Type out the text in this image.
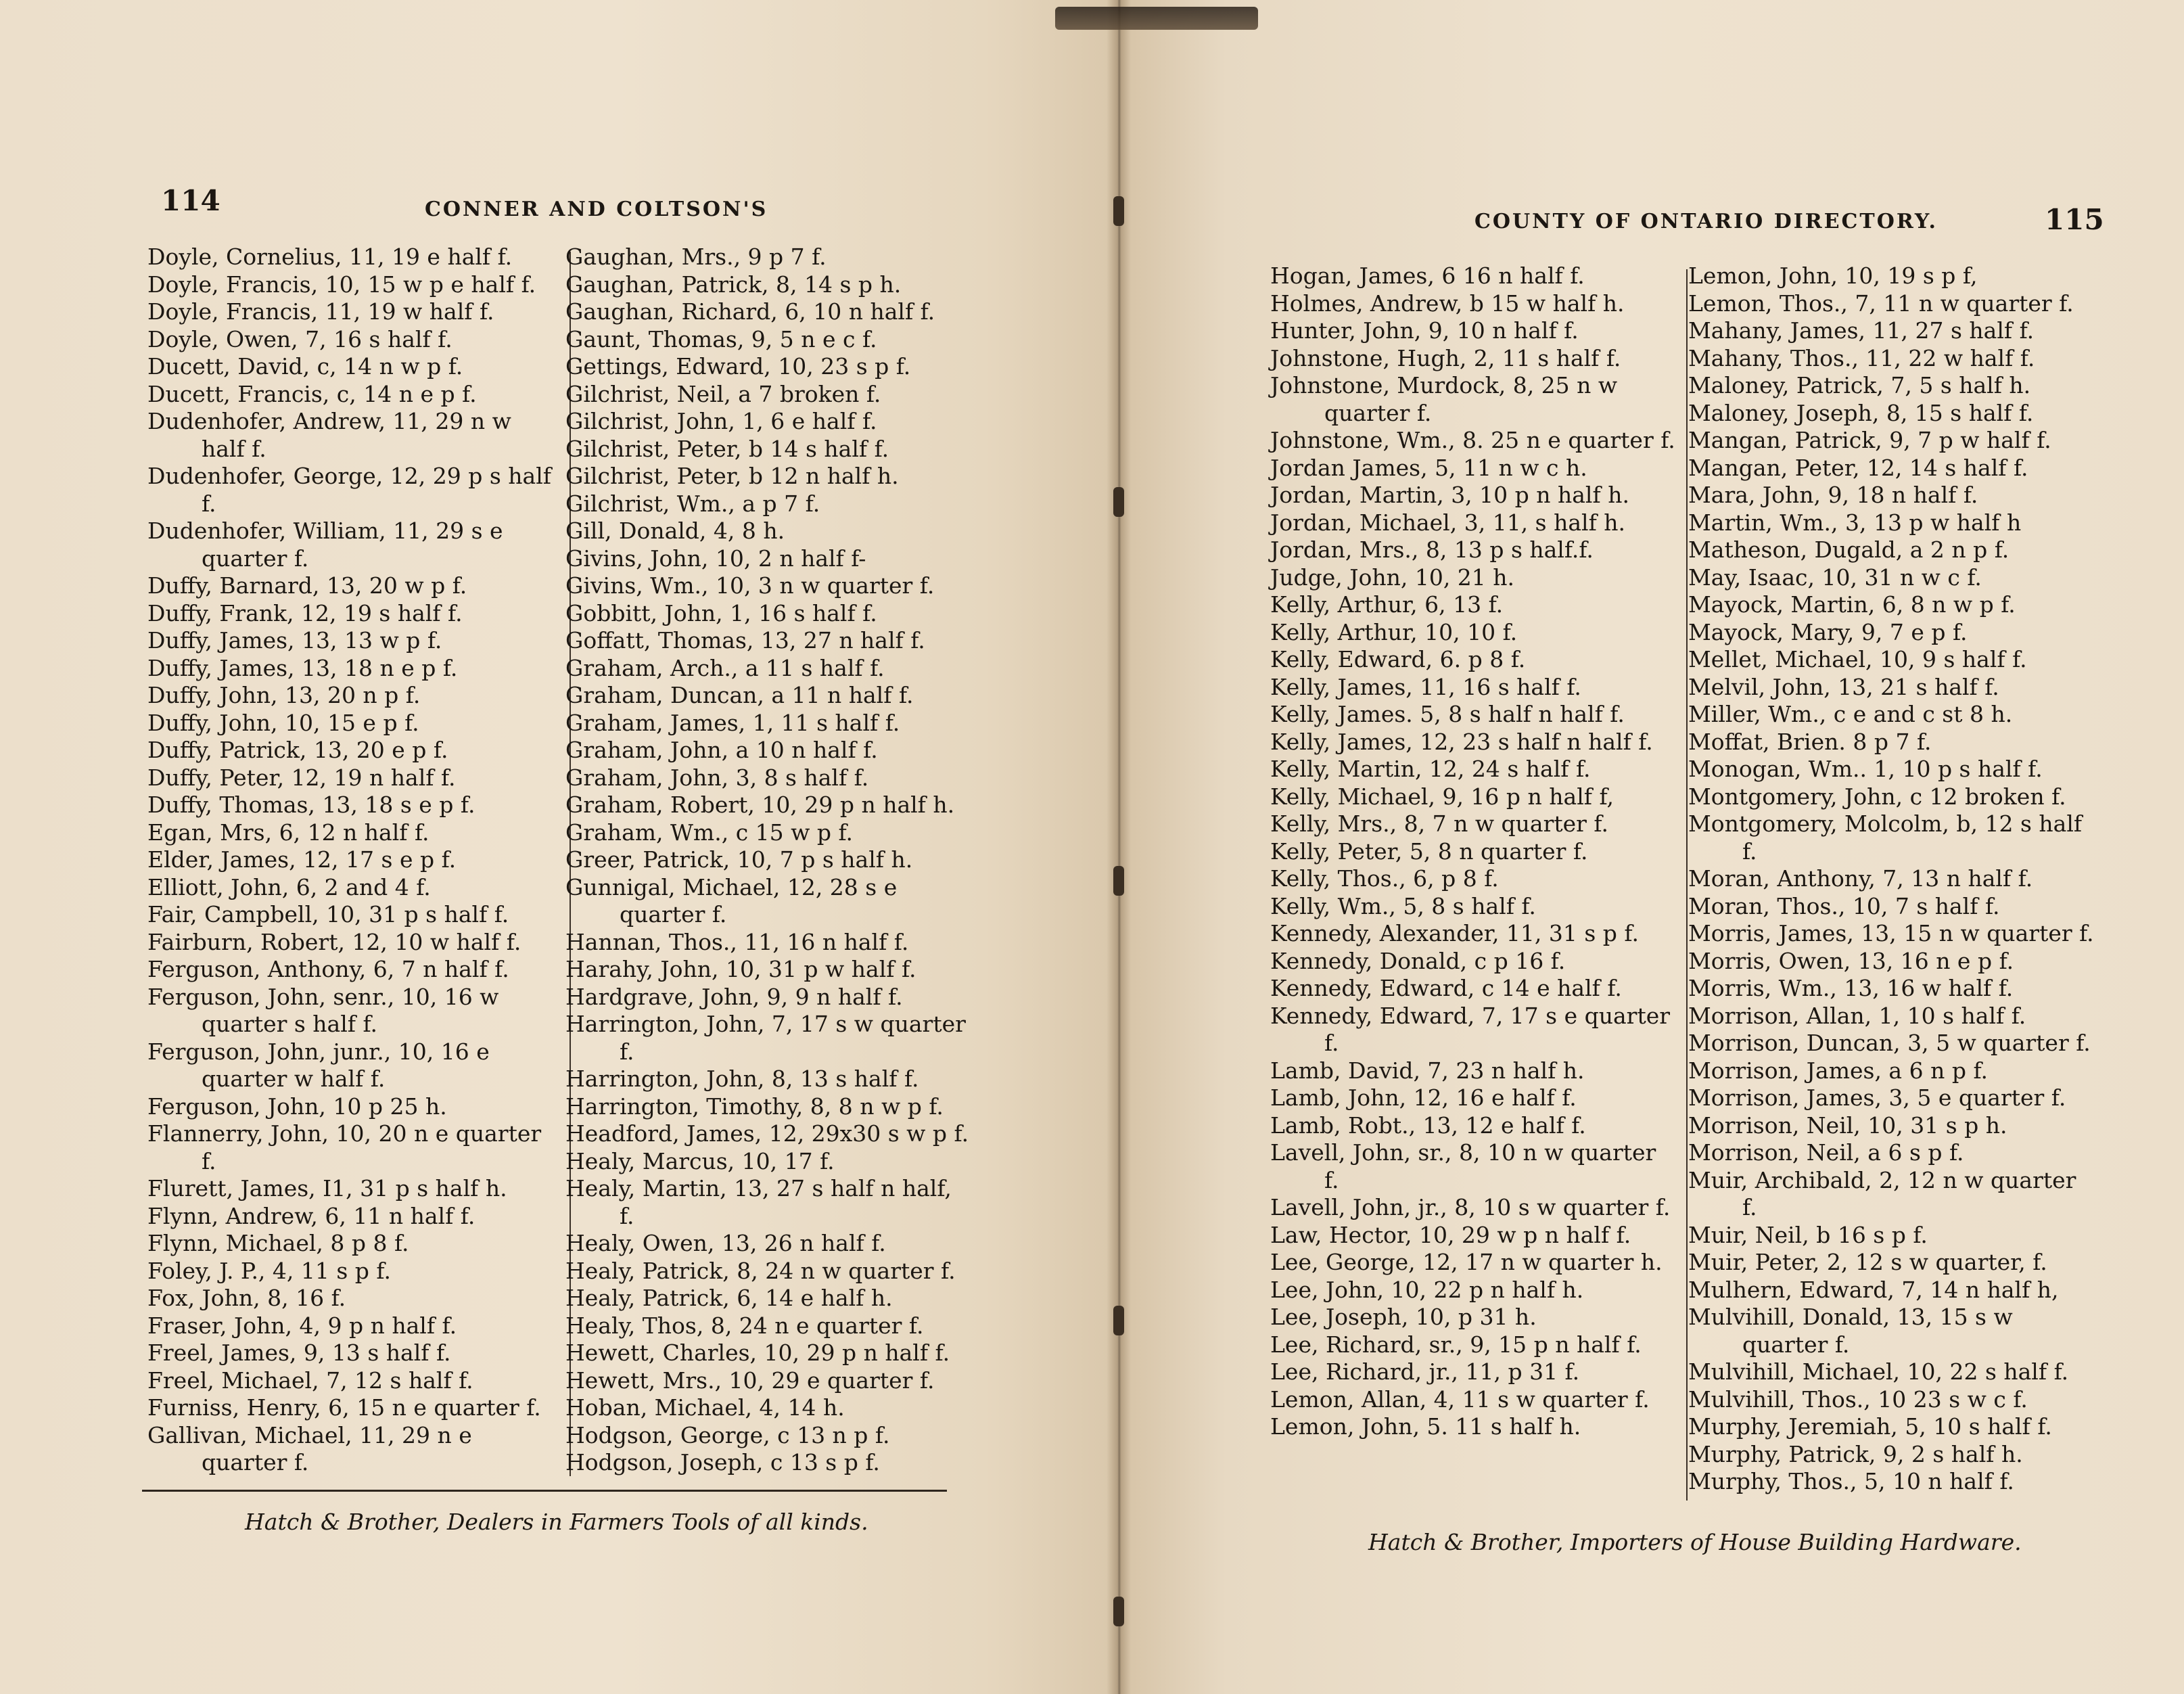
114	CONNER AND COLTSON'S
Doyle, Cornelius, 11, 19 e half f.
Doyle, Francis, 10, 15 w p e half f.
Doyle, Francis, 11, 19 w half f.
Doyle, Owen, 7, 16 s half f.
Ducett, David, c, 14 n w p f.
Ducett, Francis, c, 14 n e p f.
Dudenhofer, Andrew, 11, 29 n w half f.
Dudenhofer, George, 12, 29 p s half f.
Dudenhofer, William, 11, 29 s e quarter f.
Duffy, Barnard, 13, 20 w p f.
Duffy, Frank, 12, 19 s half f.
Duffy, James, 13, 13 w p f.
Duffy, James, 13, 18 n e p f.
Duffy, John, 13, 20 n p f.
Duffy, John, 10, 15 e p f.
Duffy, Patrick, 13, 20 e p f.
Duffy, Peter, 12, 19 n half f.
Duffy, Thomas, 13, 18 s e p f.
Egan, Mrs, 6, 12 n half f.
Elder, James, 12, 17 s e p f.
Elliott, John, 6, 2 and 4 f.
Fair, Campbell, 10, 31 p s half f.
Fairburn, Robert, 12, 10 w half f.
Ferguson, Anthony, 6, 7 n half f.
Ferguson, John, senr., 10, 16 w quarter s half f.
Ferguson, John, junr., 10, 16 e quarter w half f.
Ferguson, John, 10 p 25 h.
Flannerry, John, 10, 20 n e quarter f.
Flurett, James, I1, 31 p s half h.
Flynn, Andrew, 6, 11 n half f.
Flynn, Michael, 8 p 8 f.
Foley, J. P., 4, 11 s p f.
Fox, John, 8, 16 f.
Fraser, John, 4, 9 p n half f.
Freel, James, 9, 13 s half f.
Freel, Michael, 7, 12 s half f.
Furniss, Henry, 6, 15 n e quarter f.
Gallivan, Michael, 11, 29 n e quarter f.
Gaughan, Mrs., 9 p 7 f.
Gaughan, Patrick, 8, 14 s p h.
Gaughan, Richard, 6, 10 n half f.
Gaunt, Thomas, 9, 5 n e c f.
Gettings, Edward, 10, 23 s p f.
Gilchrist, Neil, a 7 broken f.
Gilchrist, John, 1, 6 e half f.
Gilchrist, Peter, b 14 s half f.
Gilchrist, Peter, b 12 n half h.
Gilchrist, Wm., a p 7 f.
Gill, Donald, 4, 8 h.
Givins, John, 10, 2 n half f-
Givins, Wm., 10, 3 n w quarter f.
Gobbitt, John, 1, 16 s half f.
Goffatt, Thomas, 13, 27 n half f.
Graham, Arch., a 11 s half f.
Graham, Duncan, a 11 n half f.
Graham, James, 1, 11 s half f.
Graham, John, a 10 n half f.
Graham, John, 3, 8 s half f.
Graham, Robert, 10, 29 p n half h.
Graham, Wm., c 15 w p f.
Greer, Patrick, 10, 7 p s half h.
Gunnigal, Michael, 12, 28 s e quarter f.
Hannan, Thos., 11, 16 n half f.
Harahy, John, 10, 31 p w half f.
Hardgrave, John, 9, 9 n half f.
Harrington, John, 7, 17 s w quarter f.
Harrington, John, 8, 13 s half f.
Harrington, Timothy, 8, 8 n w p f.
Headford, James, 12, 29x30 s w p f.
Healy, Marcus, 10, 17 f.
Healy, Martin, 13, 27 s half n half, f.
Healy, Owen, 13, 26 n half f.
Healy, Patrick, 8, 24 n w quarter f.
Healy, Patrick, 6, 14 e half h.
Healy, Thos, 8, 24 n e quarter f.
Hewett, Charles, 10, 29 p n half f.
Hewett, Mrs., 10, 29 e quarter f.
Hoban, Michael, 4, 14 h.
Hodgson, George, c 13 n p f.
Hodgson, Joseph, c 13 s p f.
Hatch & Brother, Dealers in Farmers Tools of all kinds.
COUNTY OF ONTARIO DIRECTORY.	115
Hogan, James, 6 16 n half f.
Holmes, Andrew, b 15 w half h.
Hunter, John, 9, 10 n half f.
Johnstone, Hugh, 2, 11 s half f.
Johnstone, Murdock, 8, 25 n w quarter f.
Johnstone, Wm., 8. 25 n e quarter f.
Jordan James, 5, 11 n w c h.
Jordan, Martin, 3, 10 p n half h.
Jordan, Michael, 3, 11, s half h.
Jordan, Mrs., 8, 13 p s half.f.
Judge, John, 10, 21 h.
Kelly, Arthur, 6, 13 f.
Kelly, Arthur, 10, 10 f.
Kelly, Edward, 6. p 8 f.
Kelly, James, 11, 16 s half f.
Kelly, James. 5, 8 s half n half f.
Kelly, James, 12, 23 s half n half f.
Kelly, Martin, 12, 24 s half f.
Kelly, Michael, 9, 16 p n half f,
Kelly, Mrs., 8, 7 n w quarter f.
Kelly, Peter, 5, 8 n quarter f.
Kelly, Thos., 6, p 8 f.
Kelly, Wm., 5, 8 s half f.
Kennedy, Alexander, 11, 31 s p f.
Kennedy, Donald, c p 16 f.
Kennedy, Edward, c 14 e half f.
Kennedy, Edward, 7, 17 s e quarter f.
Lamb, David, 7, 23 n half h.
Lamb, John, 12, 16 e half f.
Lamb, Robt., 13, 12 e half f.
Lavell, John, sr., 8, 10 n w quarter f.
Lavell, John, jr., 8, 10 s w quarter f.
Law, Hector, 10, 29 w p n half f.
Lee, George, 12, 17 n w quarter h.
Lee, John, 10, 22 p n half h.
Lee, Joseph, 10, p 31 h.
Lee, Richard, sr., 9, 15 p n half f.
Lee, Richard, jr., 11, p 31 f.
Lemon, Allan, 4, 11 s w quarter f.
Lemon, John, 5. 11 s half h.
Lemon, John, 10, 19 s p f,
Lemon, Thos., 7, 11 n w quarter f.
Mahany, James, 11, 27 s half f.
Mahany, Thos., 11, 22 w half f.
Maloney, Patrick, 7, 5 s half h.
Maloney, Joseph, 8, 15 s half f.
Mangan, Patrick, 9, 7 p w half f.
Mangan, Peter, 12, 14 s half f.
Mara, John, 9, 18 n half f.
Martin, Wm., 3, 13 p w half h
Matheson, Dugald, a 2 n p f.
May, Isaac, 10, 31 n w c f.
Mayock, Martin, 6, 8 n w p f.
Mayock, Mary, 9, 7 e p f.
Mellet, Michael, 10, 9 s half f.
Melvil, John, 13, 21 s half f.
Miller, Wm., c e and c st 8 h.
Moffat, Brien. 8 p 7 f.
Monogan, Wm.. 1, 10 p s half f.
Montgomery, John, c 12 broken f.
Montgomery, Molcolm, b, 12 s half f.
Moran, Anthony, 7, 13 n half f.
Moran, Thos., 10, 7 s half f.
Morris, James, 13, 15 n w quarter f.
Morris, Owen, 13, 16 n e p f.
Morris, Wm., 13, 16 w half f.
Morrison, Allan, 1, 10 s half f.
Morrison, Duncan, 3, 5 w quarter f.
Morrison, James, a 6 n p f.
Morrison, James, 3, 5 e quarter f.
Morrison, Neil, 10, 31 s p h.
Morrison, Neil, a 6 s p f.
Muir, Archibald, 2, 12 n w quarter f.
Muir, Neil, b 16 s p f.
Muir, Peter, 2, 12 s w quarter, f.
Mulhern, Edward, 7, 14 n half h,
Mulvihill, Donald, 13, 15 s w quarter f.
Mulvihill, Michael, 10, 22 s half f.
Mulvihill, Thos., 10 23 s w c f.
Murphy, Jeremiah, 5, 10 s half f.
Murphy, Patrick, 9, 2 s half h.
Murphy, Thos., 5, 10 n half f.
Hatch & Brother, Importers of House Building Hardware.
